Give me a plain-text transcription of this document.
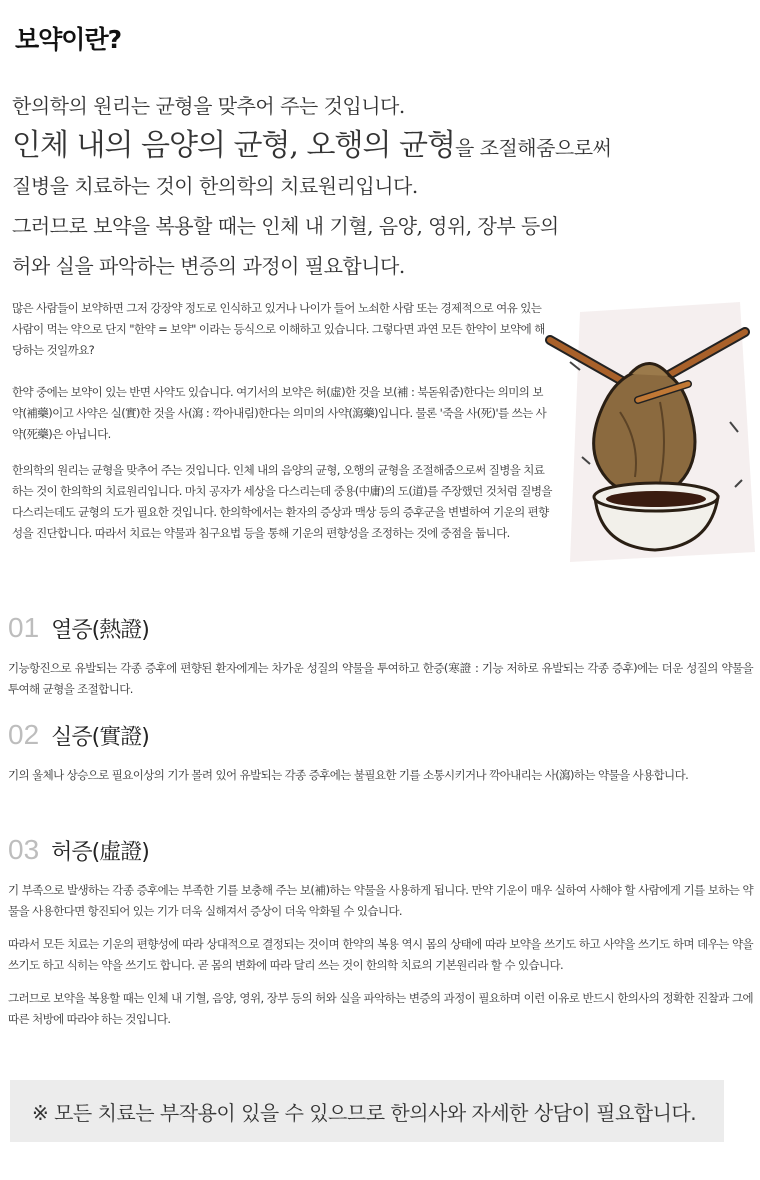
보약이란?
한의학의 원리는 균형을 맞추어 주는 것입니다.
인체 내의 음양의 균형, 오행의 균형을 조절해줌으로써
질병을 치료하는 것이 한의학의 치료원리입니다.
그러므로 보약을 복용할 때는 인체 내 기혈, 음양, 영위, 장부 등의
허와 실을 파악하는 변증의 과정이 필요합니다.

많은 사람들이 보약하면 그저 강장약 정도로 인식하고 있거나 나이가 들어 노쇠한 사람 또는 경제적으로 여유 있는 사람이 먹는 약으로 단지 "한약 = 보약" 이라는 등식으로 이해하고 있습니다. 그렇다면 과연 모든 한약이 보약에 해당하는 것일까요?

한약 중에는 보약이 있는 반면 사약도 있습니다. 여기서의 보약은 허(虛)한 것을 보(補 : 북돋워줌)한다는 의미의 보약(補藥)이고 사약은 실(實)한 것을 사(瀉 : 깍아내림)한다는 의미의 사약(瀉藥)입니다. 물론 '죽을 사(死)'를 쓰는 사약(死藥)은 아닙니다.

한의학의 원리는 균형을 맞추어 주는 것입니다. 인체 내의 음양의 균형, 오행의 균형을 조절해줌으로써 질병을 치료하는 것이 한의학의 치료원리입니다. 마치 공자가 세상을 다스리는데 중용(中庸)의 도(道)를 주장했던 것처럼 질병을 다스리는데도 균형의 도가 필요한 것입니다. 한의학에서는 환자의 증상과 맥상 등의 증후군을 변별하여 기운의 편향성을 진단합니다. 따라서 치료는 약물과 침구요법 등을 통해 기운의 편향성을 조정하는 것에 중점을 둡니다.

01 열증(熱證)

기능항진으로 유발되는 각종 증후에 편향된 환자에게는 차가운 성질의 약물을 투여하고 한증(寒證 : 기능 저하로 유발되는 각종 증후)에는 더운 성질의 약물을 투여해 균형을 조절합니다.

02 실증(實證)

기의 울체나 상승으로 필요이상의 기가 몰려 있어 유발되는 각종 증후에는 불필요한 기를 소통시키거나 깍아내리는 사(瀉)하는 약물을 사용합니다.

03 허증(虛證)

기 부족으로 발생하는 각종 증후에는 부족한 기를 보충해 주는 보(補)하는 약물을 사용하게 됩니다. 만약 기운이 매우 실하여 사해야 할 사람에게 기를 보하는 약물을 사용한다면 항진되어 있는 기가 더욱 실해져서 증상이 더욱 악화될 수 있습니다.

따라서 모든 치료는 기운의 편향성에 따라 상대적으로 결정되는 것이며 한약의 복용 역시 몸의 상태에 따라 보약을 쓰기도 하고 사약을 쓰기도 하며 데우는 약을 쓰기도 하고 식히는 약을 쓰기도 합니다. 곧 몸의 변화에 따라 달리 쓰는 것이 한의학 치료의 기본원리라 할 수 있습니다.

그러므로 보약을 복용할 때는 인체 내 기혈, 음양, 영위, 장부 등의 허와 실을 파악하는 변증의 과정이 필요하며 이런 이유로 반드시 한의사의 정확한 진찰과 그에 따른 처방에 따라야 하는 것입니다.

※ 모든 치료는 부작용이 있을 수 있으므로 한의사와 자세한 상담이 필요합니다.
